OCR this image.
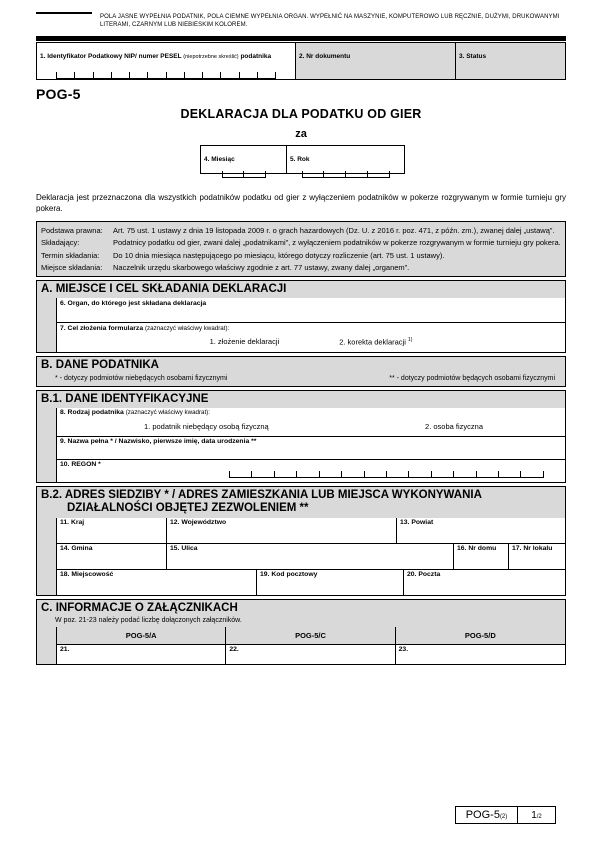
POLA JASNE WYPEŁNIA PODATNIK, POLA CIEMNE WYPEŁNIA ORGAN. WYPEŁNIĆ NA MASZYNIE, KOMPUTEROWO LUB RĘCZNIE, DUŻYMI, DRUKOWANYMI LITERAMI, CZARNYM LUB NIEBIESKIM KOLOREM.
1. Identyfikator Podatkowy NIP/ numer PESEL (niepotrzebne skreślić) podatnika	2. Nr dokumentu	3. Status
POG-5
DEKLARACJA DLA PODATKU OD GIER
za
4. Miesiąc	5. Rok
Deklaracja jest przeznaczona dla wszystkich podatników podatku od gier z wyłączeniem podatników w pokerze rozgrywanym w formie turnieju gry pokera.
Podstawa prawna:	Art. 75 ust. 1 ustawy z dnia 19 listopada 2009 r. o grach hazardowych (Dz. U. z 2016 r. poz. 471, z późn. zm.), zwanej dalej „ustawą”.
Składający:	Podatnicy podatku od gier, zwani dalej „podatnikami”, z wyłączeniem podatników w pokerze rozgrywanym w formie turnieju gry pokera.
Termin składania:	Do 10 dnia miesiąca następującego po miesiącu, którego dotyczy rozliczenie (art. 75 ust. 1 ustawy).
Miejsce składania:	Naczelnik urzędu skarbowego właściwy zgodnie z art. 77 ustawy, zwany dalej „organem”.
A. MIEJSCE I CEL SKŁADANIA DEKLARACJI
6. Organ, do którego jest składana deklaracja
7. Cel złożenia formularza (zaznaczyć właściwy kwadrat):
1. złożenie deklaracji	2. korekta deklaracji $^{1)}$
B. DANE PODATNIKA
* - dotyczy podmiotów niebędących osobami fizycznymi	** - dotyczy podmiotów będących osobami fizycznymi
B.1. DANE IDENTYFIKACYJNE
8. Rodzaj podatnika (zaznaczyć właściwy kwadrat):
1. podatnik niebędący osobą fizyczną	2. osoba fizyczna
9. Nazwa pełna * / Nazwisko, pierwsze imię, data urodzenia **
10. REGON *
B.2. ADRES SIEDZIBY * / ADRES ZAMIESZKANIA LUB MIEJSCA WYKONYWANIA DZIAŁALNOŚCI OBJĘTEJ ZEZWOLENIEM **
11. Kraj	12. Województwo	13. Powiat
14. Gmina	15. Ulica	16. Nr domu	17. Nr lokalu
18. Miejscowość	19. Kod pocztowy	20. Poczta
C. INFORMACJE O ZAŁĄCZNIKACH
W poz. 21-23 należy podać liczbę dołączonych załączników.
POG-5/A	POG-5/C	POG-5/D
21.	22.	23.
POG-5(2)	1/2
